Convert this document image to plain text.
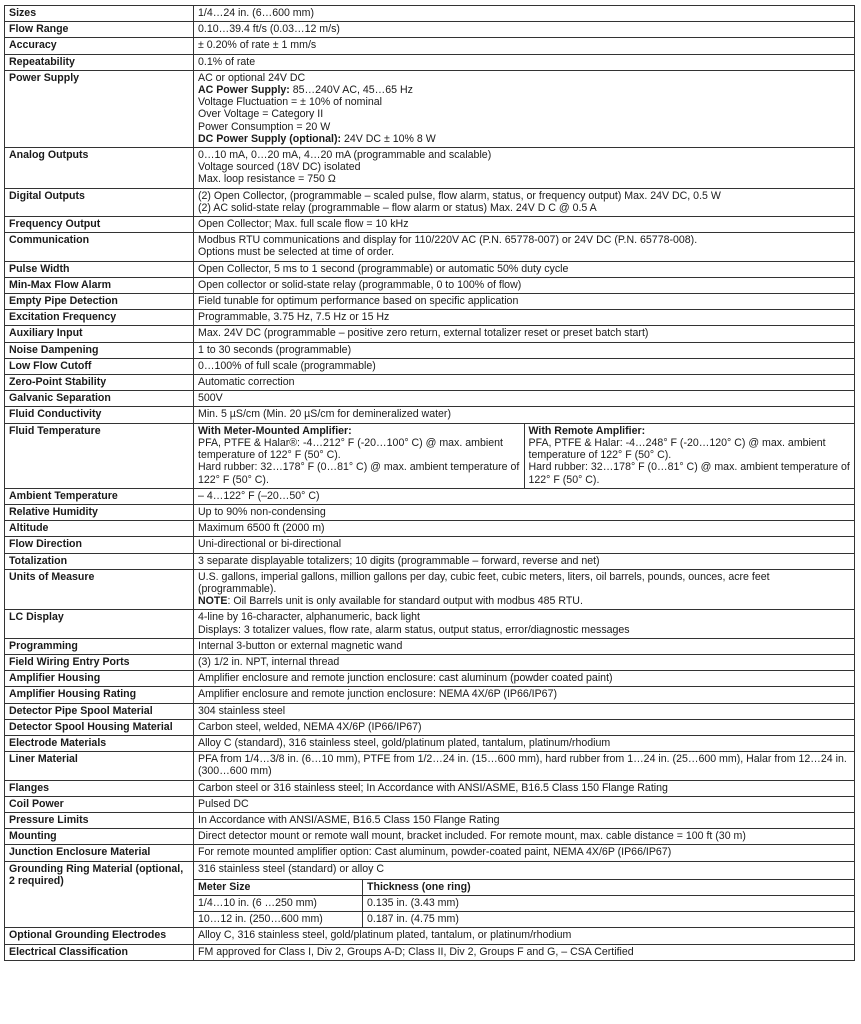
Sizes	1/4…24 in. (6…600 mm)
Flow Range	0.10…39.4 ft/s (0.03…12 m/s)
Accuracy	± 0.20% of rate ± 1 mm/s
Repeatability	0.1% of rate
Power Supply	AC or optional 24V DC
AC Power Supply: 85…240V AC, 45…65 Hz
Voltage Fluctuation = ± 10% of nominal
Over Voltage = Category II
Power Consumption = 20 W
DC Power Supply (optional): 24V DC ± 10% 8 W

Analog Outputs	0…10 mA, 0…20 mA, 4…20 mA (programmable and scalable)
Voltage sourced (18V DC) isolated
Max. loop resistance = 750 Ω

Digital Outputs	(2) Open Collector, (programmable – scaled pulse, flow alarm, status, or frequency output) Max. 24V DC, 0.5 W
(2) AC solid-state relay (programmable – flow alarm or status) Max. 24V D C @ 0.5 A

Frequency Output	Open Collector; Max. full scale flow = 10 kHz
Communication	Modbus RTU communications and display for 110/220V AC (P.N. 65778-007) or 24V DC (P.N. 65778-008).
Options must be selected at time of order.

Pulse Width	Open Collector, 5 ms to 1 second (programmable) or automatic 50% duty cycle
Min-Max Flow Alarm	Open collector or solid-state relay (programmable, 0 to 100% of flow)
Empty Pipe Detection	Field tunable for optimum performance based on specific application
Excitation Frequency	Programmable, 3.75 Hz, 7.5 Hz or 15 Hz
Auxiliary Input	Max. 24V DC (programmable – positive zero return, external totalizer reset or preset batch start)
Noise Dampening	1 to 30 seconds (programmable)
Low Flow Cutoff	0…100% of full scale (programmable)
Zero-Point Stability	Automatic correction
Galvanic Separation	500V
Fluid Conductivity	Min. 5 µS/cm (Min. 20 µS/cm for demineralized water)
Fluid Temperature	With Meter-Mounted Amplifier:
PFA, PTFE & Halar®: -4…212° F (-20…100° C) @ max. ambient temperature of 122° F (50° C).
Hard rubber: 32…178° F (0…81° C) @ max. ambient temperature of 122° F (50° C).
With Remote Amplifier:
PFA, PTFE & Halar: -4…248° F (-20…120° C) @ max. ambient temperature of 122° F (50° C).
Hard rubber: 32…178° F (0…81° C) @ max. ambient temperature of 122° F (50° C).

Ambient Temperature	– 4…122° F (–20…50° C)
Relative Humidity	Up to 90% non-condensing
Altitude	Maximum 6500 ft (2000 m)
Flow Direction	Uni-directional or bi-directional
Totalization	3 separate displayable totalizers; 10 digits (programmable – forward, reverse and net)
Units of Measure	U.S. gallons, imperial gallons, million gallons per day, cubic feet, cubic meters, liters, oil barrels, pounds, ounces, acre feet (programmable).
NOTE: Oil Barrels unit is only available for standard output with modbus 485 RTU.

LC Display	4-line by 16-character, alphanumeric, back light
Displays: 3 totalizer values, flow rate, alarm status, output status, error/diagnostic messages

Programming	Internal 3-button or external magnetic wand
Field Wiring Entry Ports	(3) 1/2 in. NPT, internal thread
Amplifier Housing	Amplifier enclosure and remote junction enclosure: cast aluminum (powder coated paint)
Amplifier Housing Rating	Amplifier enclosure and remote junction enclosure: NEMA 4X/6P (IP66/IP67)
Detector Pipe Spool Material	304 stainless steel
Detector Spool Housing Material	Carbon steel, welded, NEMA 4X/6P (IP66/IP67)
Electrode Materials	Alloy C (standard), 316 stainless steel, gold/platinum plated, tantalum, platinum/rhodium
Liner Material	PFA from 1/4…3/8 in. (6…10 mm), PTFE from 1/2…24 in. (15…600 mm), hard rubber from 1…24 in. (25…600 mm), Halar from 12…24 in. (300…600 mm)
Flanges	Carbon steel or 316 stainless steel; In Accordance with ANSI/ASME, B16.5 Class 150 Flange Rating
Coil Power	Pulsed DC
Pressure Limits	In Accordance with ANSI/ASME, B16.5 Class 150 Flange Rating
Mounting	Direct detector mount or remote wall mount, bracket included. For remote mount, max. cable distance = 100 ft (30 m)
Junction Enclosure Material	For remote mounted amplifier option: Cast aluminum, powder-coated paint, NEMA 4X/6P (IP66/IP67)
Grounding Ring Material (optional, 2 required)	
316 stainless steel (standard) or alloy C
Meter Size	Thickness (one ring)
1/4…10 in. (6 …250 mm)	0.135 in. (3.43 mm)
10…12 in. (250…600 mm)	0.187 in. (4.75 mm)

Optional Grounding Electrodes	Alloy C, 316 stainless steel, gold/platinum plated, tantalum, or platinum/rhodium
Electrical Classification	FM approved for Class I, Div 2, Groups A-D; Class II, Div 2, Groups F and G, – CSA Certified
